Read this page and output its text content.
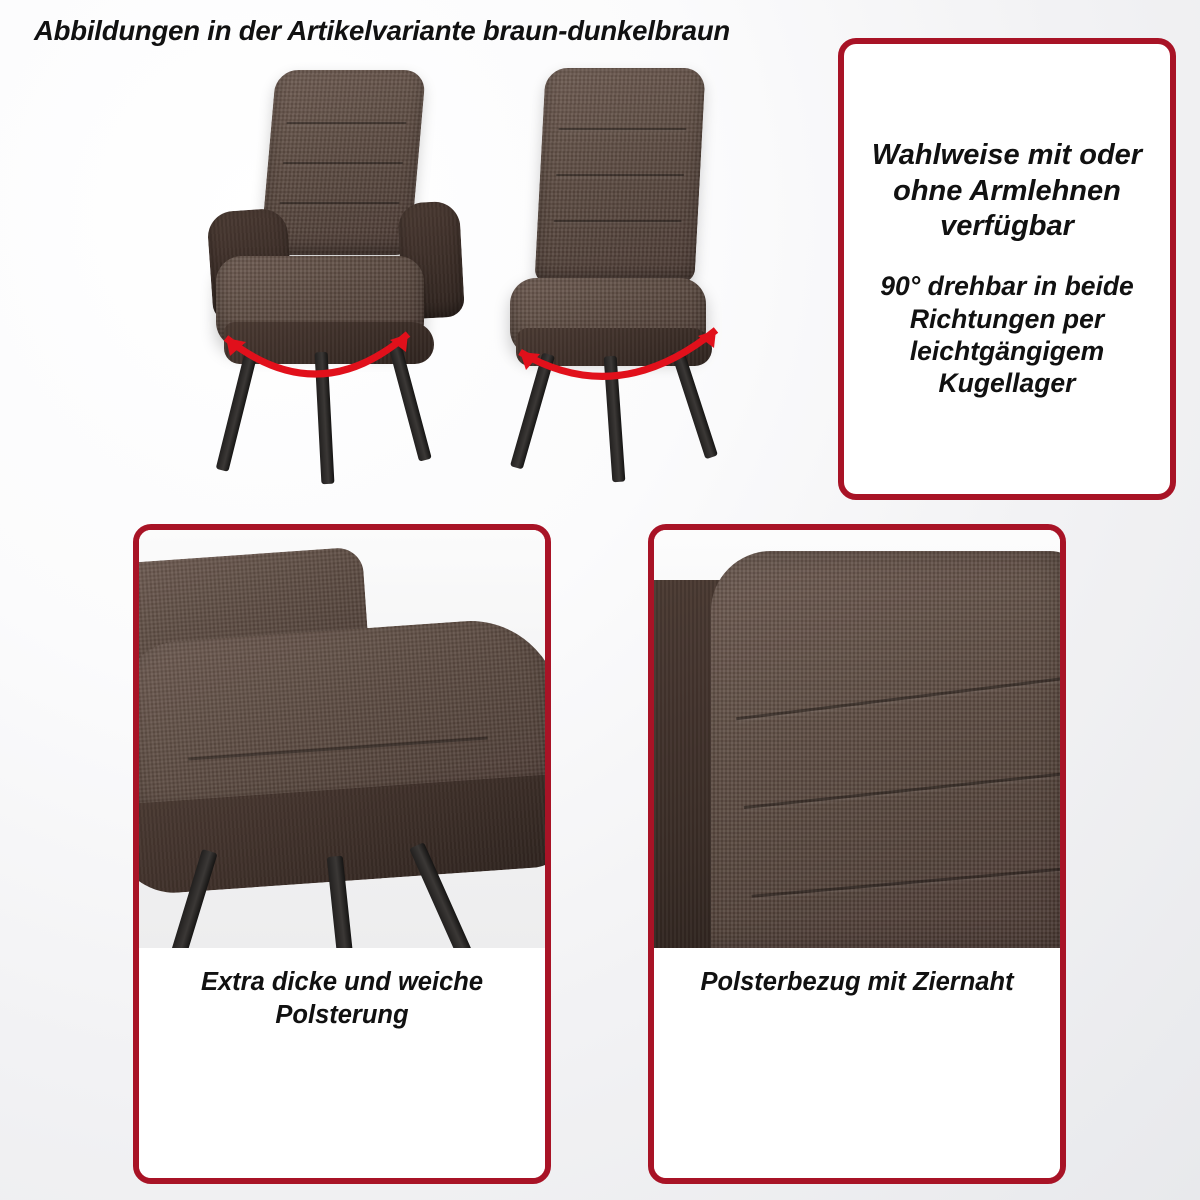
Abbildungen in der Artikelvariante braun-dunkelbraun

Wahlweise mit oder ohne Armlehnen verfügbar

90° drehbar in beide Richtungen per leichtgängigem Kugellager

Extra dicke und weiche Polsterung
Polsterbezug mit Ziernaht
